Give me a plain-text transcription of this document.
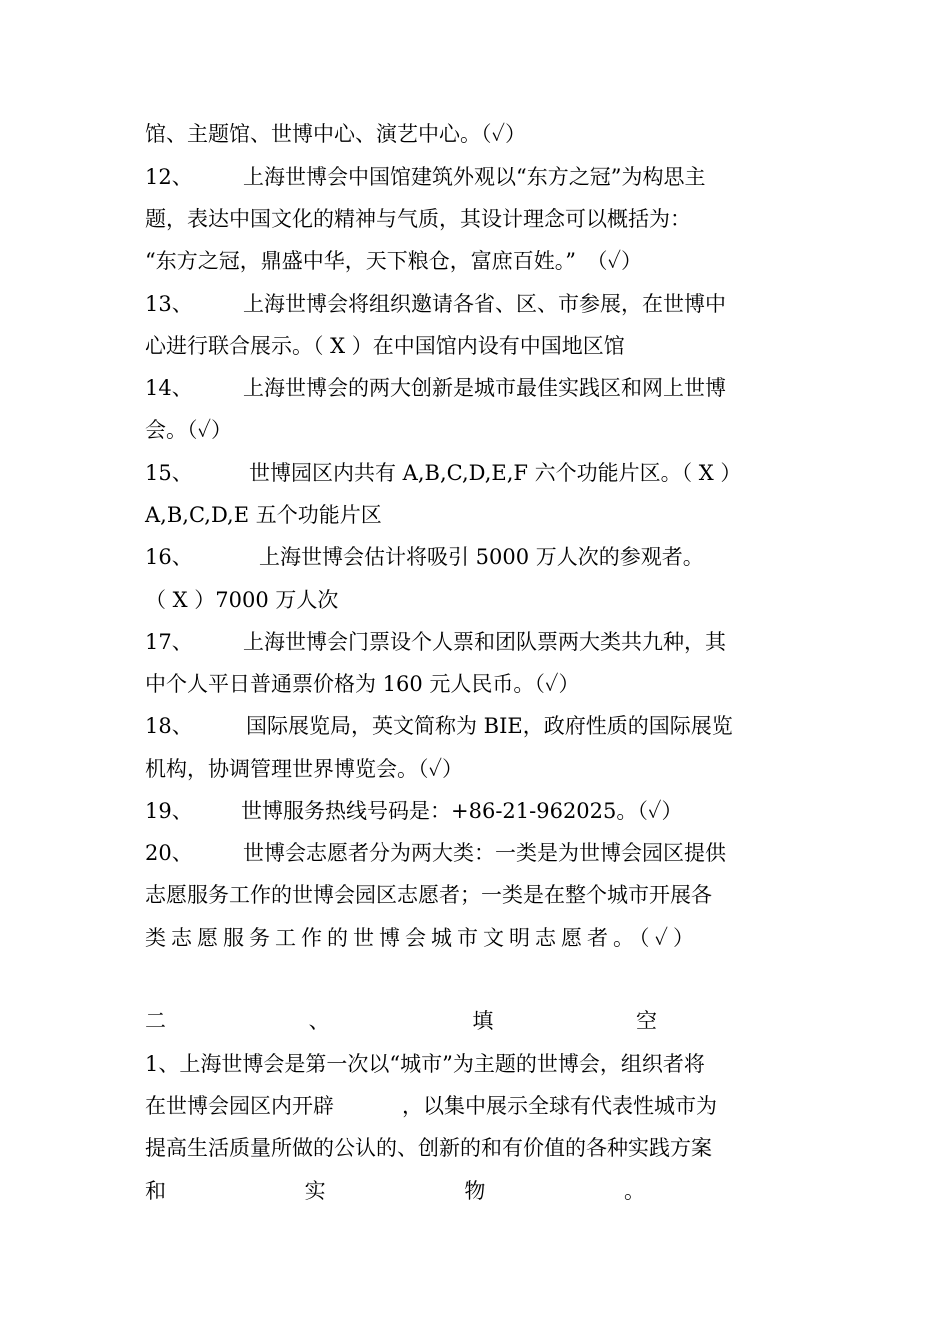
馆、主题馆、世博中心、演艺中心。（✓）
12、 上海世博会中国馆建筑外观以“东方之冠”为构思主
题，表达中国文化的精神与气质，其设计理念可以概括为：
“东方之冠，鼎盛中华，天下粮仓，富庶百姓。”　（✓）
13、 上海世博会将组织邀请各省、区、市参展，在世博中
心进行联合展示。（ X ）在中国馆内设有中国地区馆
14、 上海世博会的两大创新是城市最佳实践区和网上世博
会。（✓）
15、	世博园区内共有 A,B,C,D,E,F 六个功能片区。（ X ）
A,B,C,D,E 五个功能片区
16、	上海世博会估计将吸引 5000 万人次的参观者。
（ X ）7000 万人次
17、 上海世博会门票设个人票和团队票两大类共九种，其
中个人平日普通票价格为 160 元人民币。（✓）
18、	国际展览局，英文简称为 BIE，政府性质的国际展览
机构，协调管理世界博览会。（✓）
19、 世博服务热线号码是：+86-21-962025。（✓）
20、 世博会志愿者分为两大类：一类是为世博会园区提供
志愿服务工作的世博会园区志愿者；一类是在整个城市开展各
类志愿服务工作的世博会城市文明志愿者。（✓）
二	、	填	空
1、上海世博会是第一次以“城市”为主题的世博会，组织者将
在世博会园区内开辟	，以集中展示全球有代表性城市为
提高生活质量所做的公认的、创新的和有价值的各种实践方案
和	实	物	。
